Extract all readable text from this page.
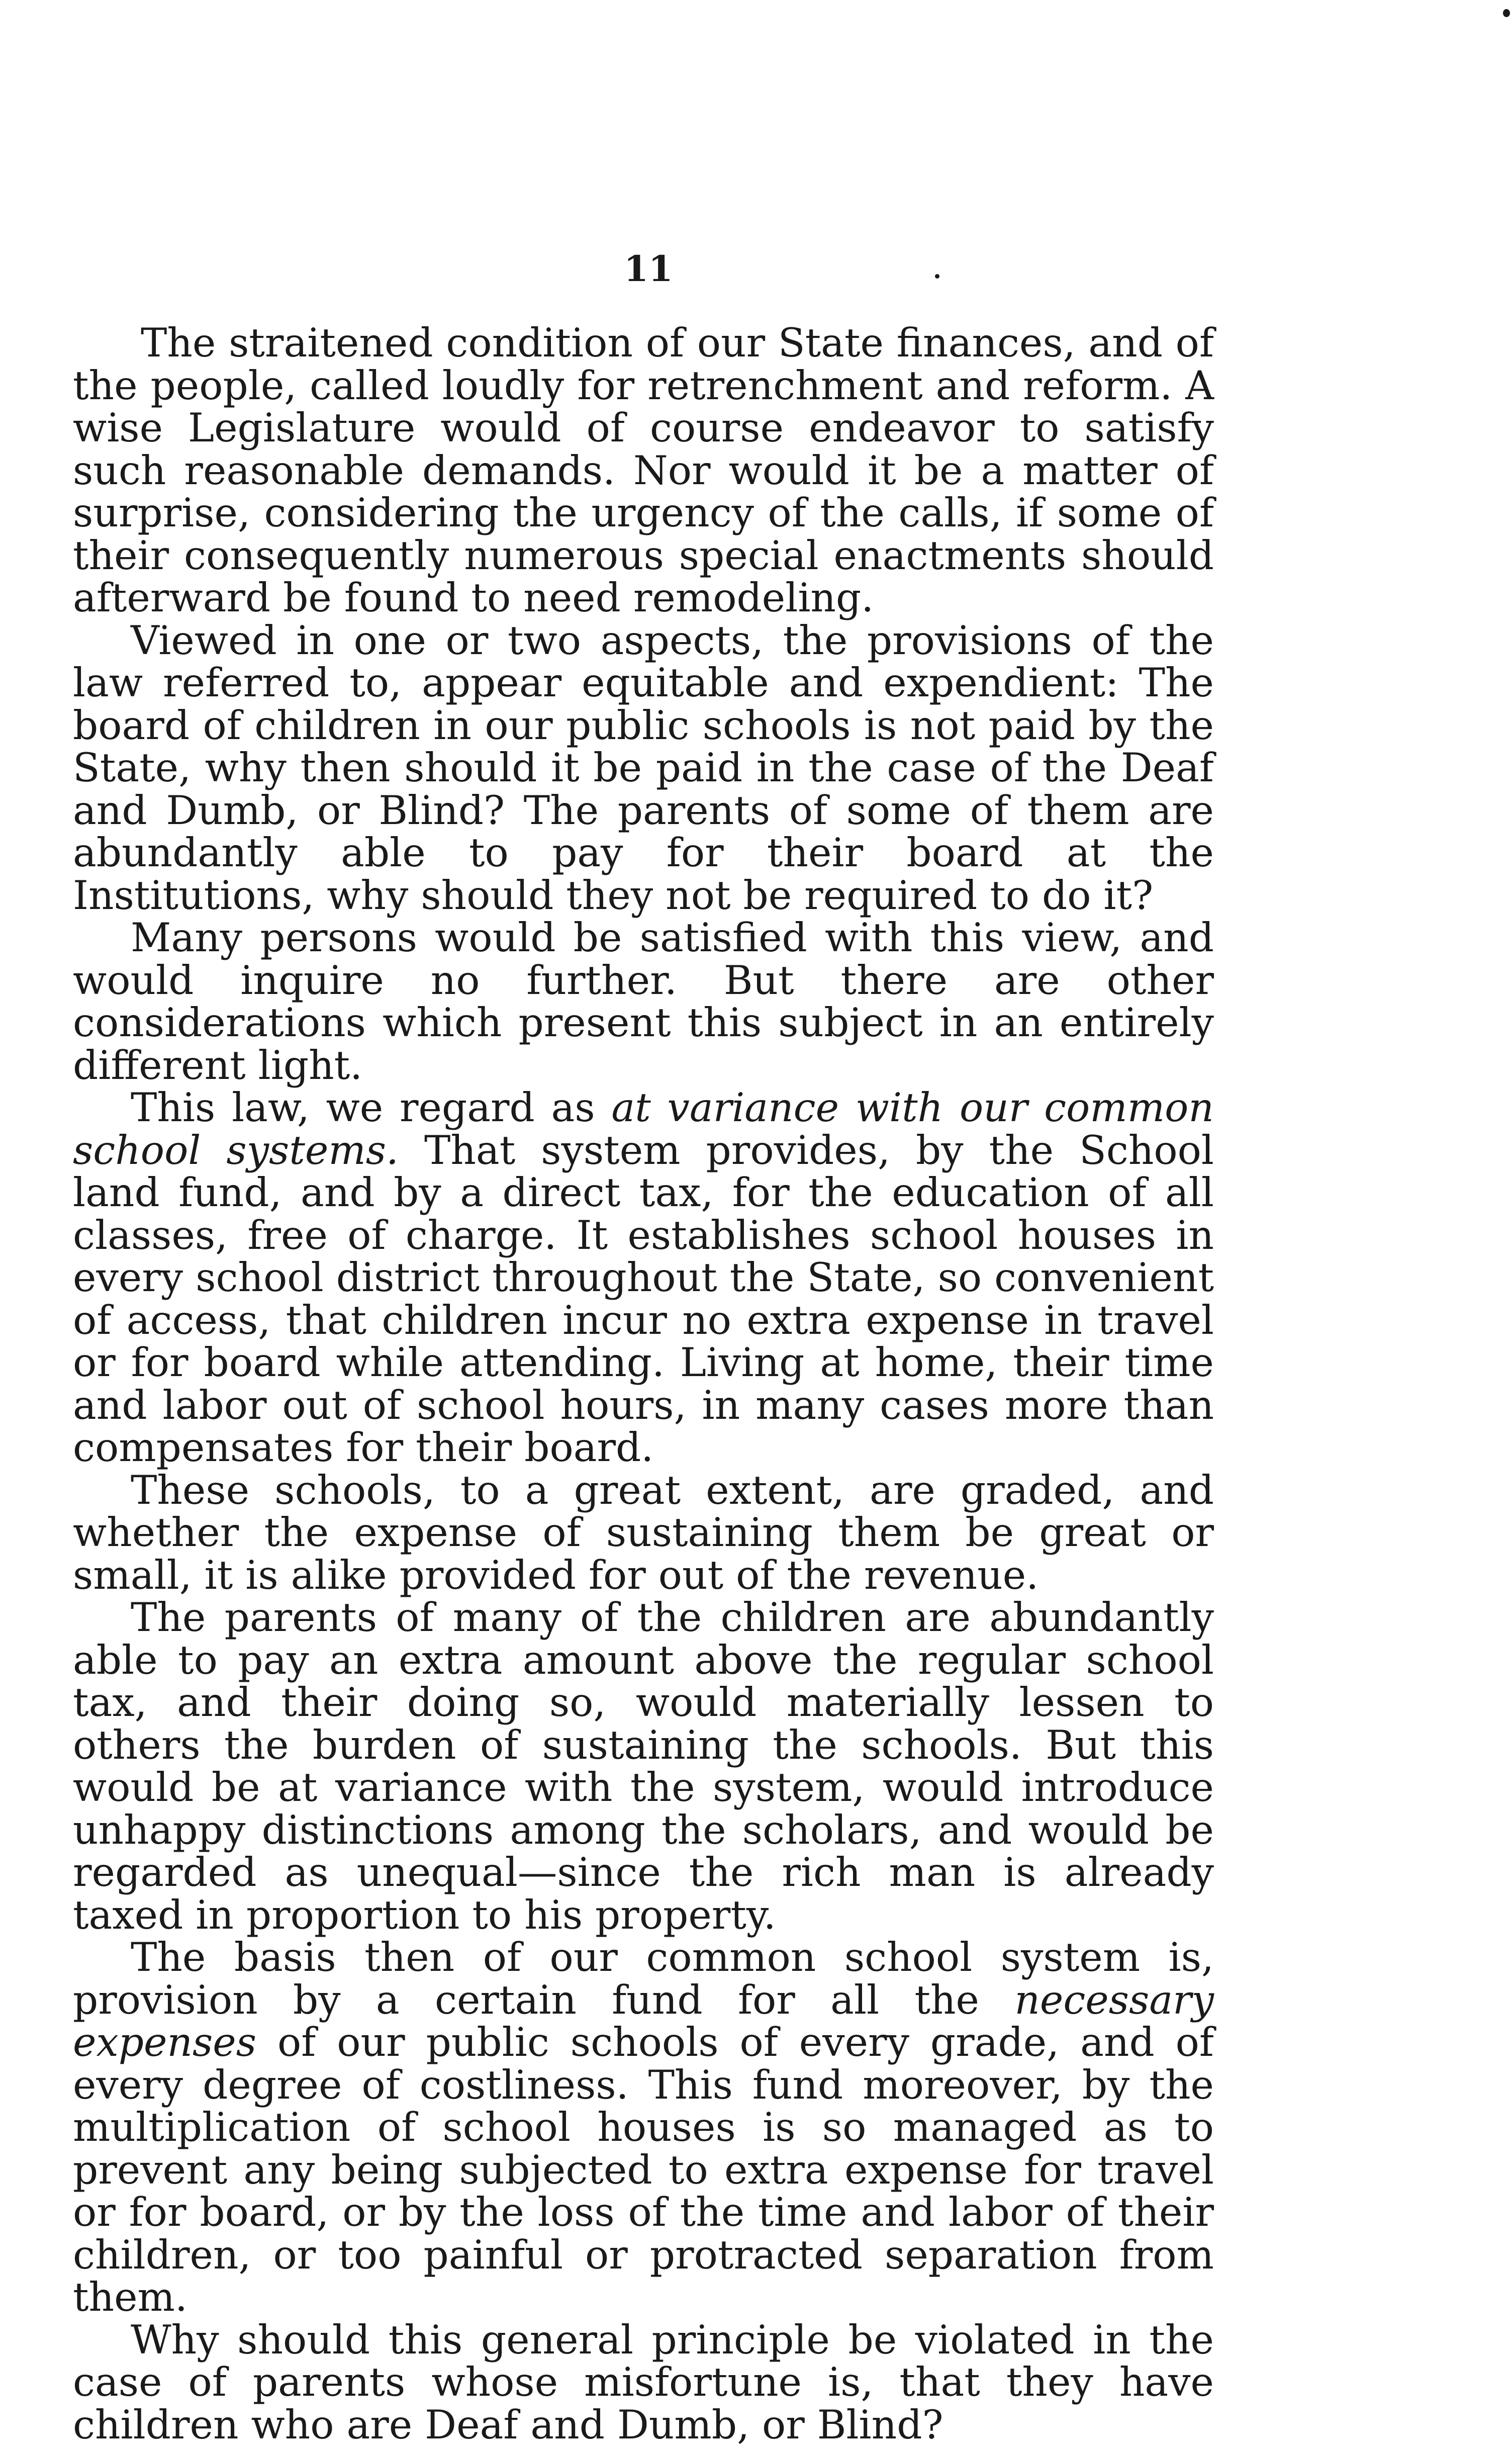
11

The straitened condition of our State finances, and of the people, called loudly for retrenchment and reform. A wise Legislature would of course endeavor to satisfy such reasonable demands. Nor would it be a matter of surprise, considering the urgency of the calls, if some of their consequently numerous special enactments should afterward be found to need remodeling.

Viewed in one or two aspects, the provisions of the law referred to, appear equitable and expendient: The board of children in our public schools is not paid by the State, why then should it be paid in the case of the Deaf and Dumb, or Blind? The parents of some of them are abundantly able to pay for their board at the Institutions, why should they not be required to do it?

Many persons would be satisfied with this view, and would inquire no further. But there are other considerations which present this subject in an entirely different light.

This law, we regard as at variance with our common school systems. That system provides, by the School land fund, and by a direct tax, for the education of all classes, free of charge. It establishes school houses in every school district throughout the State, so convenient of access, that children incur no extra expense in travel or for board while attending. Living at home, their time and labor out of school hours, in many cases more than compensates for their board.

These schools, to a great extent, are graded, and whether the expense of sustaining them be great or small, it is alike provided for out of the revenue.

The parents of many of the children are abundantly able to pay an extra amount above the regular school tax, and their doing so, would materially lessen to others the burden of sustaining the schools. But this would be at variance with the system, would introduce unhappy distinctions among the scholars, and would be regarded as unequal—since the rich man is already taxed in proportion to his property.

The basis then of our common school system is, provision by a certain fund for all the necessary expenses of our public schools of every grade, and of every degree of costliness. This fund moreover, by the multiplication of school houses is so managed as to prevent any being subjected to extra expense for travel or for board, or by the loss of the time and labor of their children, or too painful or protracted separation from them.

Why should this general principle be violated in the case of parents whose misfortune is, that they have children who are Deaf and Dumb, or Blind?
